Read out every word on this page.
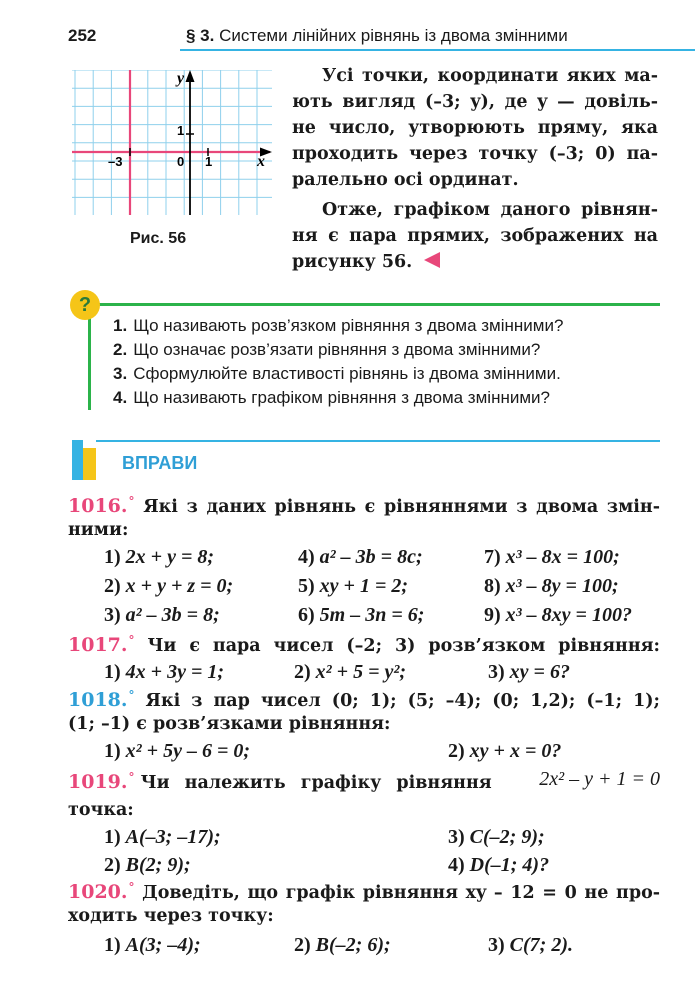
252	§ 3. Системи лінійних рівнянь із двома змінними
y
x
1
0 1
–3
Рис. 56
Усі точки, координати яких ма-
ють вигляд (–3; y), де y — довіль-
не число, утворюють пряму, яка
проходить через точку (–3; 0) па-
ралельно осі ординат.
Отже, графіком даного рівнян-
ня є пара прямих, зображених на
рисунку 56.
?
1. Що називають розв’язком рівняння з двома змінними?
2. Що означає розв’язати рівняння з двома змінними?
3. Сформулюйте властивості рівнянь із двома змінними.
4. Що називають графіком рівняння з двома змінними?
ВПРАВИ
1016.° Які з даних рівнянь є рівняннями з двома змін-
ними:
1) 2x + y = 8;	4) a² – 3b = 8c;	7) x³ – 8x = 100;
2) x + y + z = 0;	5) xy + 1 = 2;	8) x³ – 8y = 100;
3) a² – 3b = 8;	6) 5m – 3n = 6;	9) x³ – 8xy = 100?
1017.° Чи є пара чисел (–2; 3) розв’язком рівняння:
1) 4x + 3y = 1;	2) x² + 5 = y²;	3) xy = 6?
1018.° Які з пар чисел (0; 1); (5; –4); (0; 1,2); (–1; 1);
(1; –1) є розв’язками рівняння:
1) x² + 5y – 6 = 0;	2) xy + x = 0?
1019.° Чи належить графіку рівняння 2x² – y + 1 = 0
точка:
1) A(–3; –17);	3) C(–2; 9);
2) B(2; 9);	4) D(–1; 4)?
1020.° Доведіть, що графік рівняння xy – 12 = 0 не про-
ходить через точку:
1) A(3; –4);	2) B(–2; 6);	3) C(7; 2).
